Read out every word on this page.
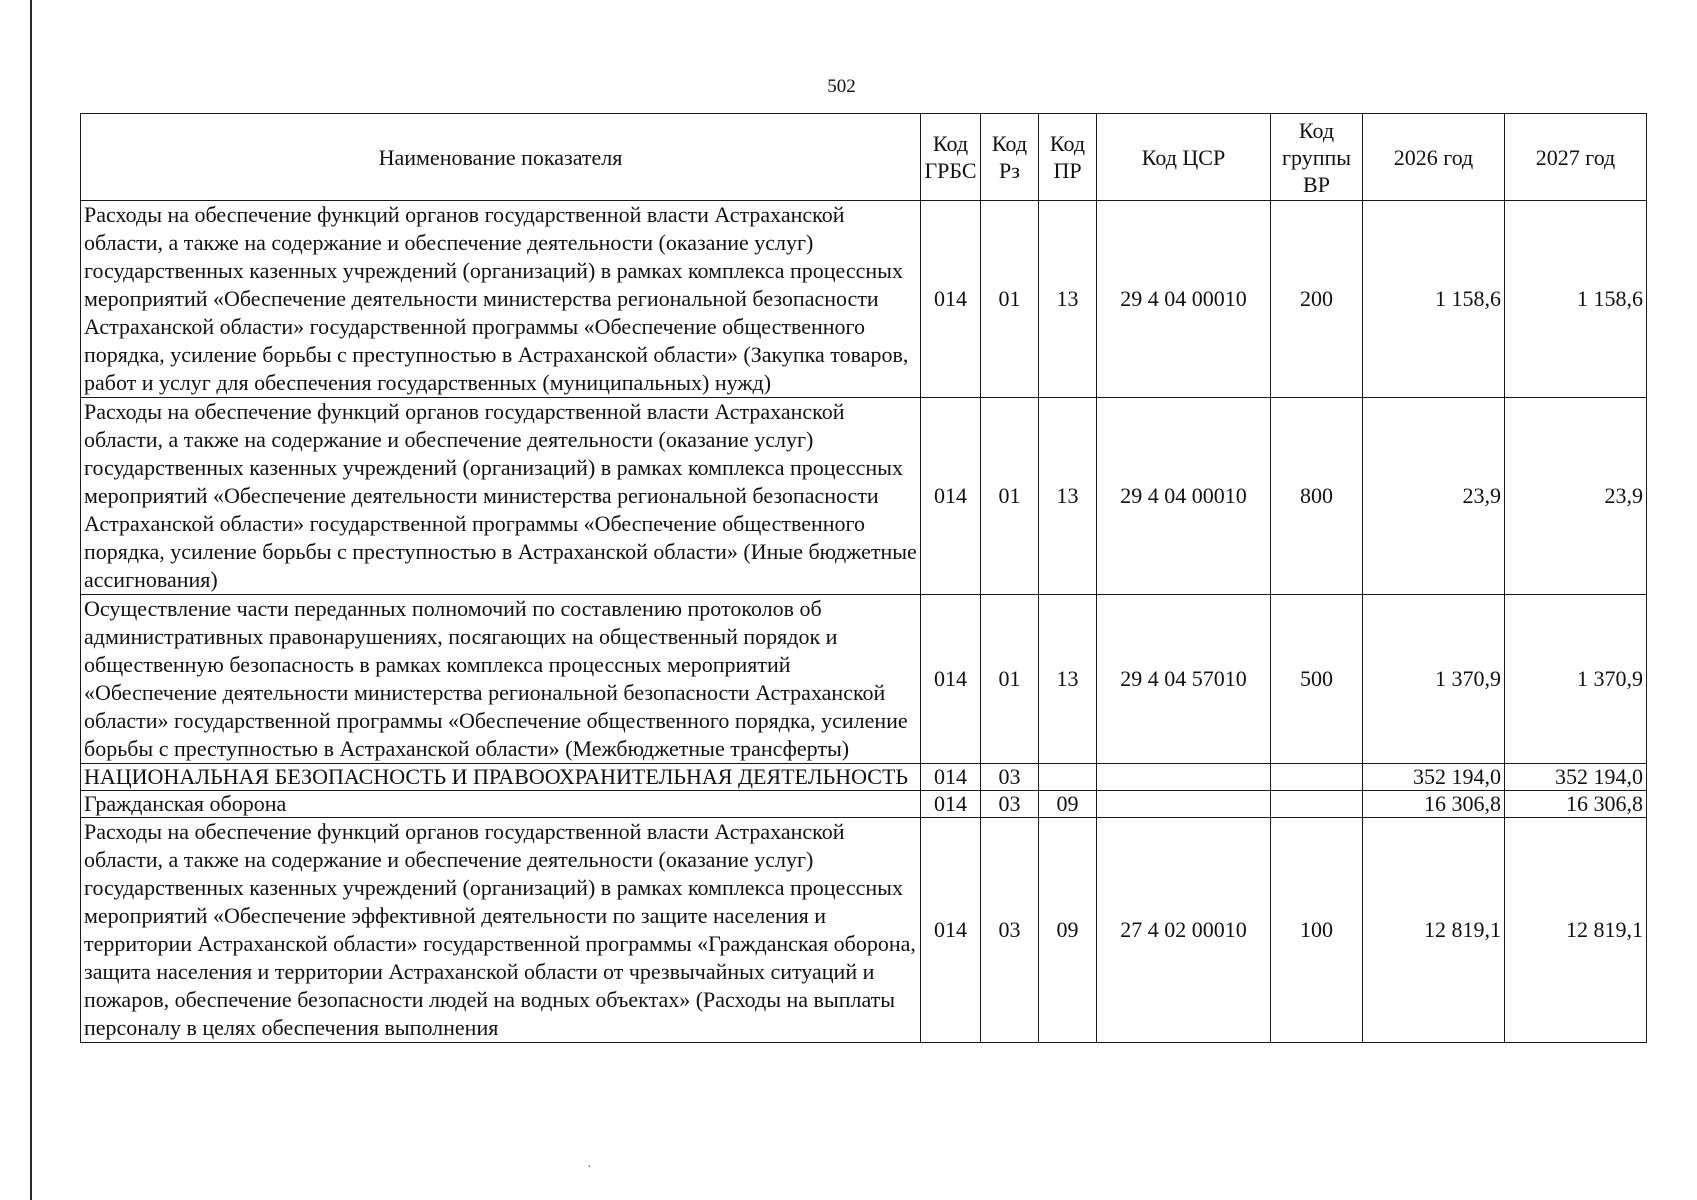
502
Наименование показателя	Код ГРБС	Код Рз	Код ПР	Код ЦСР	Код группы ВР	2026 год	2027 год
Расходы на обеспечение функций органов государственной власти Астраханской области, а также на содержание и обеспечение деятельности (оказание услуг) государственных казенных учреждений (организаций) в рамках комплекса процессных мероприятий «Обеспечение деятельности министерства региональной безопасности Астраханской области» государственной программы «Обеспечение общественного порядка, усиление борьбы с преступностью в Астраханской области» (Закупка товаров, работ и услуг для обеспечения государственных (муниципальных) нужд)	014	01	13	29 4 04 00010	200	1 158,6	1 158,6
Расходы на обеспечение функций органов государственной власти Астраханской области, а также на содержание и обеспечение деятельности (оказание услуг) государственных казенных учреждений (организаций) в рамках комплекса процессных мероприятий «Обеспечение деятельности министерства региональной безопасности Астраханской области» государственной программы «Обеспечение общественного порядка, усиление борьбы с преступностью в Астраханской области» (Иные бюджетные ассигнования)	014	01	13	29 4 04 00010	800	23,9	23,9
Осуществление части переданных полномочий по составлению протоколов об административных правонарушениях, посягающих на общественный порядок и общественную безопасность в рамках комплекса процессных мероприятий «Обеспечение деятельности министерства региональной безопасности Астраханской области» государственной программы «Обеспечение общественного порядка, усиление борьбы с преступностью в Астраханской области» (Межбюджетные трансферты)	014	01	13	29 4 04 57010	500	1 370,9	1 370,9
НАЦИОНАЛЬНАЯ БЕЗОПАСНОСТЬ И ПРАВООХРАНИТЕЛЬНАЯ ДЕЯТЕЛЬНОСТЬ	014	03				352 194,0	352 194,0
Гражданская оборона	014	03	09			16 306,8	16 306,8
Расходы на обеспечение функций органов государственной власти Астраханской области, а также на содержание и обеспечение деятельности (оказание услуг) государственных казенных учреждений (организаций) в рамках комплекса процессных мероприятий «Обеспечение эффективной деятельности по защите населения и территории Астраханской области» государственной программы «Гражданская оборона, защита населения и территории Астраханской области от чрезвычайных ситуаций и пожаров, обеспечение безопасности людей на водных объектах» (Расходы на выплаты персоналу в целях обеспечения выполнения	014	03	09	27 4 02 00010	100	12 819,1	12 819,1
·
